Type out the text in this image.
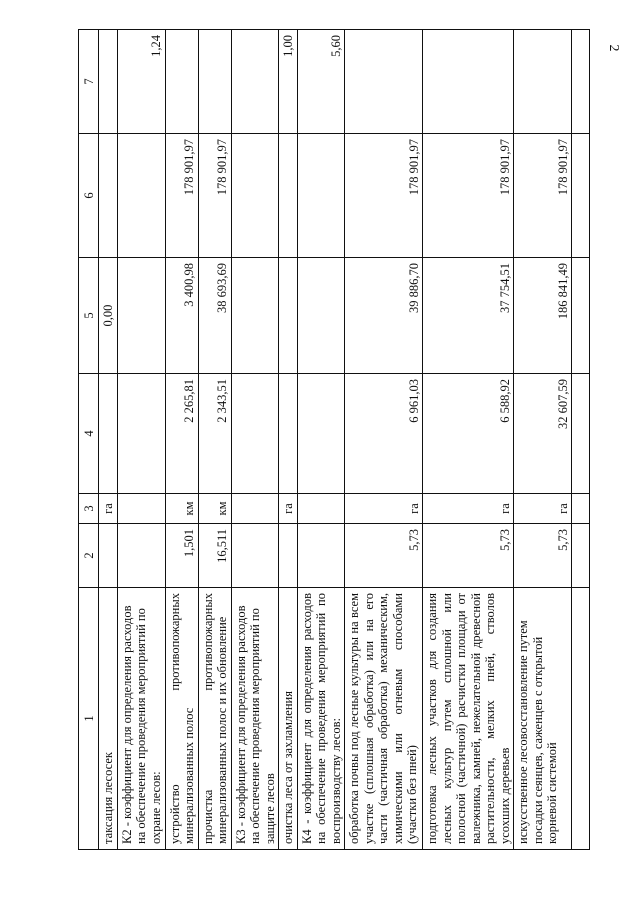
2
1	2	3	4	5	6	7
таксация лесосек		га		0,00		
К2 - коэффициент для определения расходов на обеспечение проведения мероприятий по охране лесов:						1,24
устройство противопожарных минерализованных полос	1,501	км	2 265,81	3 400,98	178 901,97	
прочистка противопожарных минерализованных полос и их обновление	16,511	км	2 343,51	38 693,69	178 901,97	
К3 - коэффициент для определения расходов на обеспечение проведения мероприятий по защите лесов						
очистка леса от захламления		га				1,00
К4 - коэффициент для определения расходов на обеспечение проведения мероприятий по воспроизводству лесов:						5,60
обработка почвы под лесные культуры на всем участке (сплошная обработка) или на его части (частичная обработка) механическим, химическими или огневым способами (участки без пней)	5,73	га	6 961,03	39 886,70	178 901,97	
подготовка лесных участков для создания лесных культур путем сплошной или полосной (частичной) расчистки площади от валежника, камней, нежелательной древесной растительности, мелких пней, стволов усохших деревьев	5,73	га	6 588,92	37 754,51	178 901,97	
искусственное лесовосстановление путем посадки сеянцев, саженцев с открытой корневой системой	5,73	га	32 607,59	186 841,49	178 901,97	
